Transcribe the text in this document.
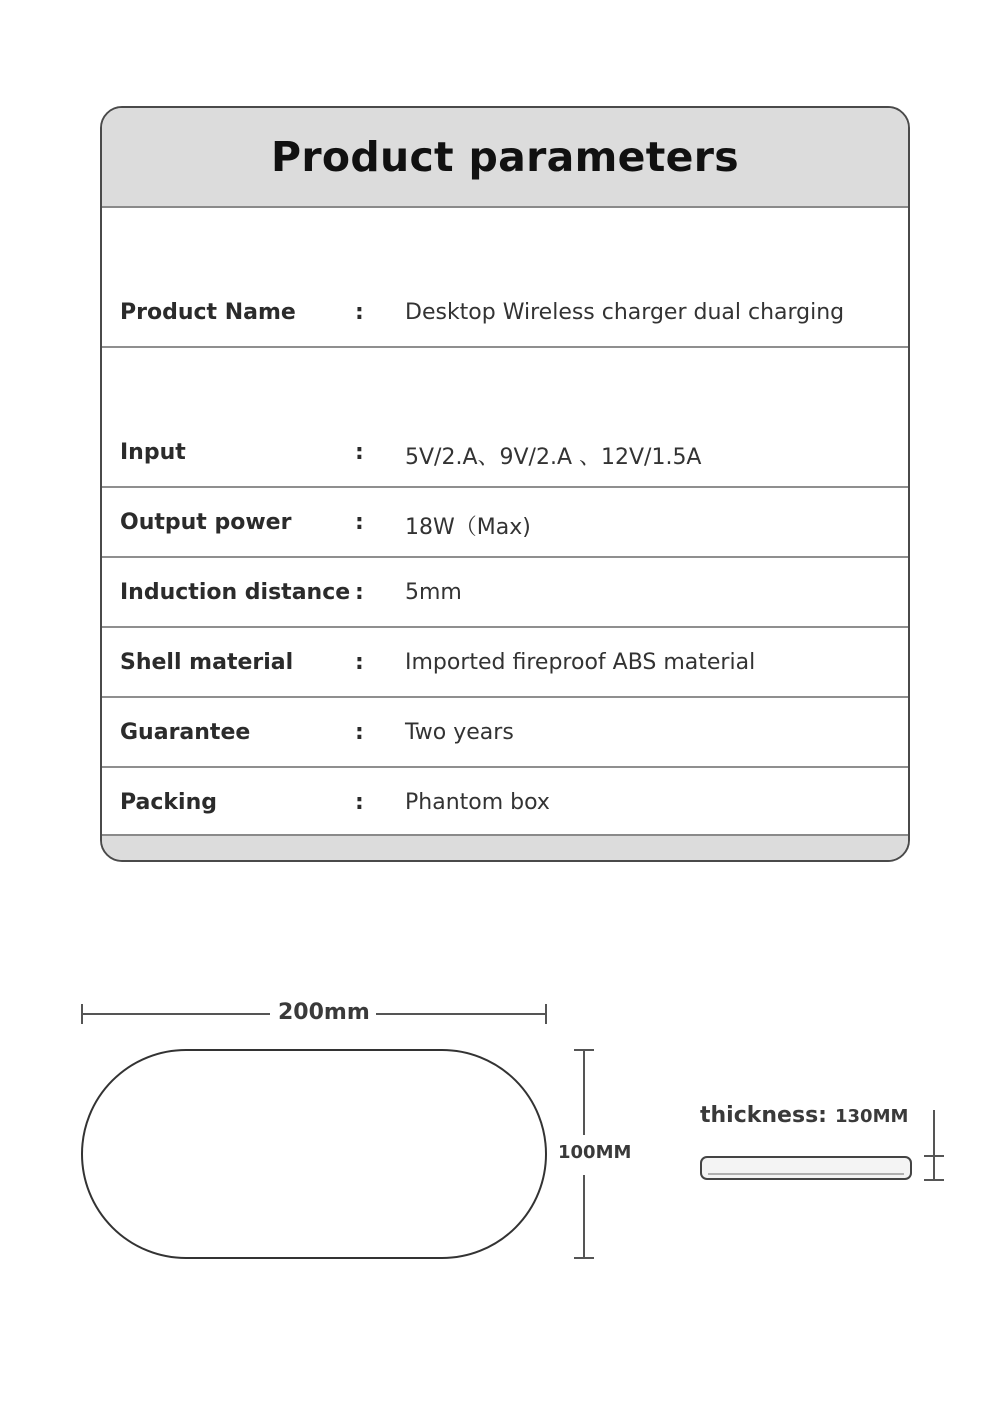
Product parameters
Product Name	: Desktop Wireless charger dual charging
Input	: 5V/2.A、9V/2.A 、12V/1.5A
Output power	: 18W（Max)
Induction distance : 5mm
Shell material	: Imported fireproof ABS material
Guarantee	: Two years
Packing	: Phantom box
200mm
100MM
thickness: 130MM
